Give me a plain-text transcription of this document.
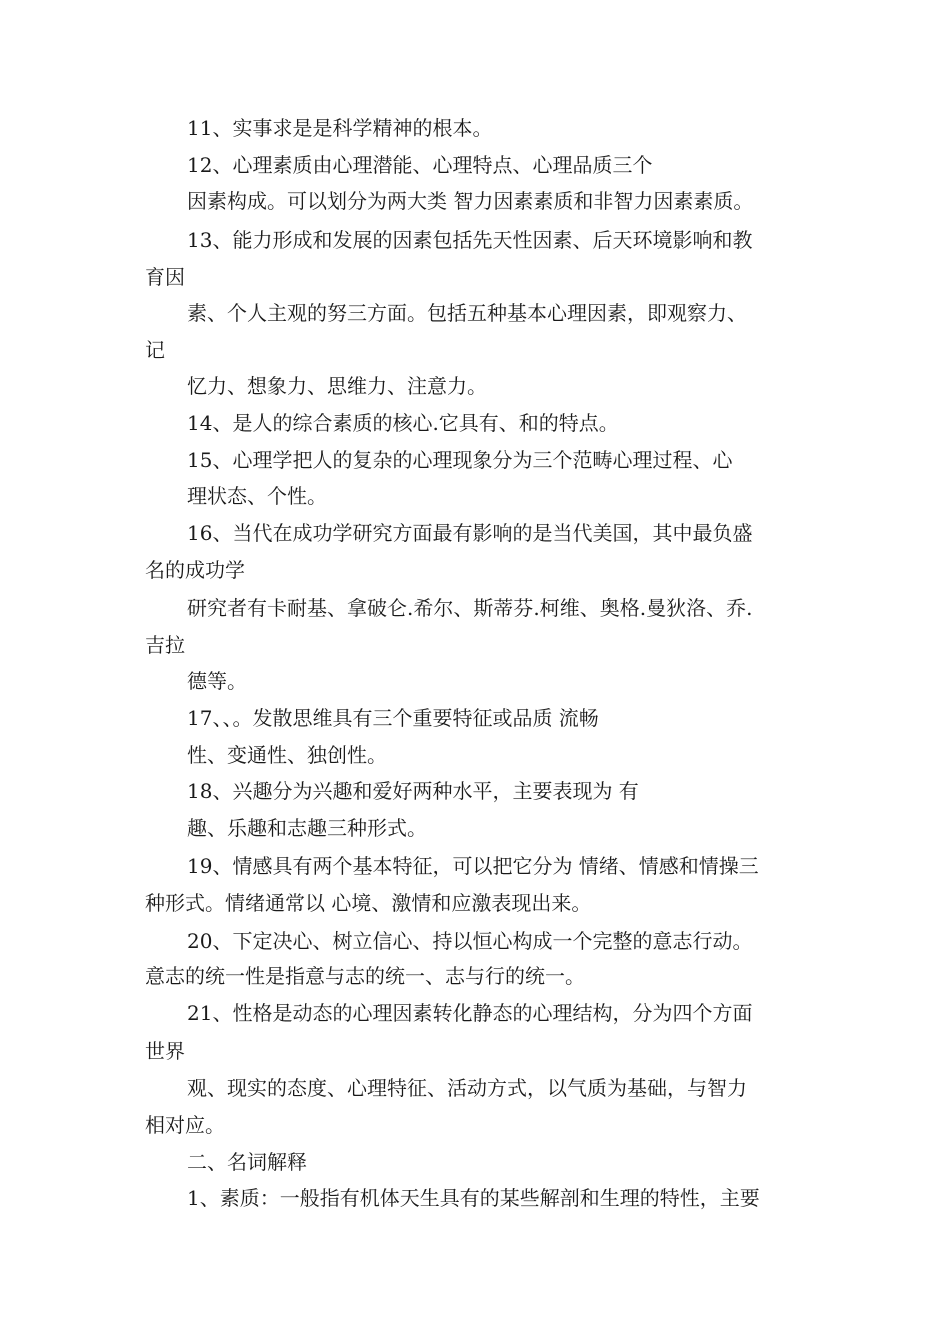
11、实事求是是科学精神的根本。
12、心理素质由心理潜能、心理特点、心理品质三个
因素构成。可以划分为两大类 智力因素素质和非智力因素素质。
13、能力形成和发展的因素包括先天性因素、后天环境影响和教
育因
素、个人主观的努三方面。包括五种基本心理因素，即观察力、
记
忆力、想象力、思维力、注意力。
14、是人的综合素质的核心.它具有、和的特点。
15、心理学把人的复杂的心理现象分为三个范畴心理过程、心
理状态、个性。
16、当代在成功学研究方面最有影响的是当代美国，其中最负盛
名的成功学
研究者有卡耐基、拿破仑.希尔、斯蒂芬.柯维、奥格.曼狄洛、乔.
吉拉
德等。
17、、。发散思维具有三个重要特征或品质 流畅
性、变通性、独创性。
18、兴趣分为兴趣和爱好两种水平，主要表现为 有
趣、乐趣和志趣三种形式。
19、情感具有两个基本特征，可以把它分为 情绪、情感和情操三
种形式。情绪通常以 心境、激情和应激表现出来。
20、下定决心、树立信心、持以恒心构成一个完整的意志行动。
意志的统一性是指意与志的统一、志与行的统一。
21、性格是动态的心理因素转化静态的心理结构，分为四个方面
世界
观、现实的态度、心理特征、活动方式，以气质为基础，与智力
相对应。
二、名词解释
1、素质：一般指有机体天生具有的某些解剖和生理的特性，主要
